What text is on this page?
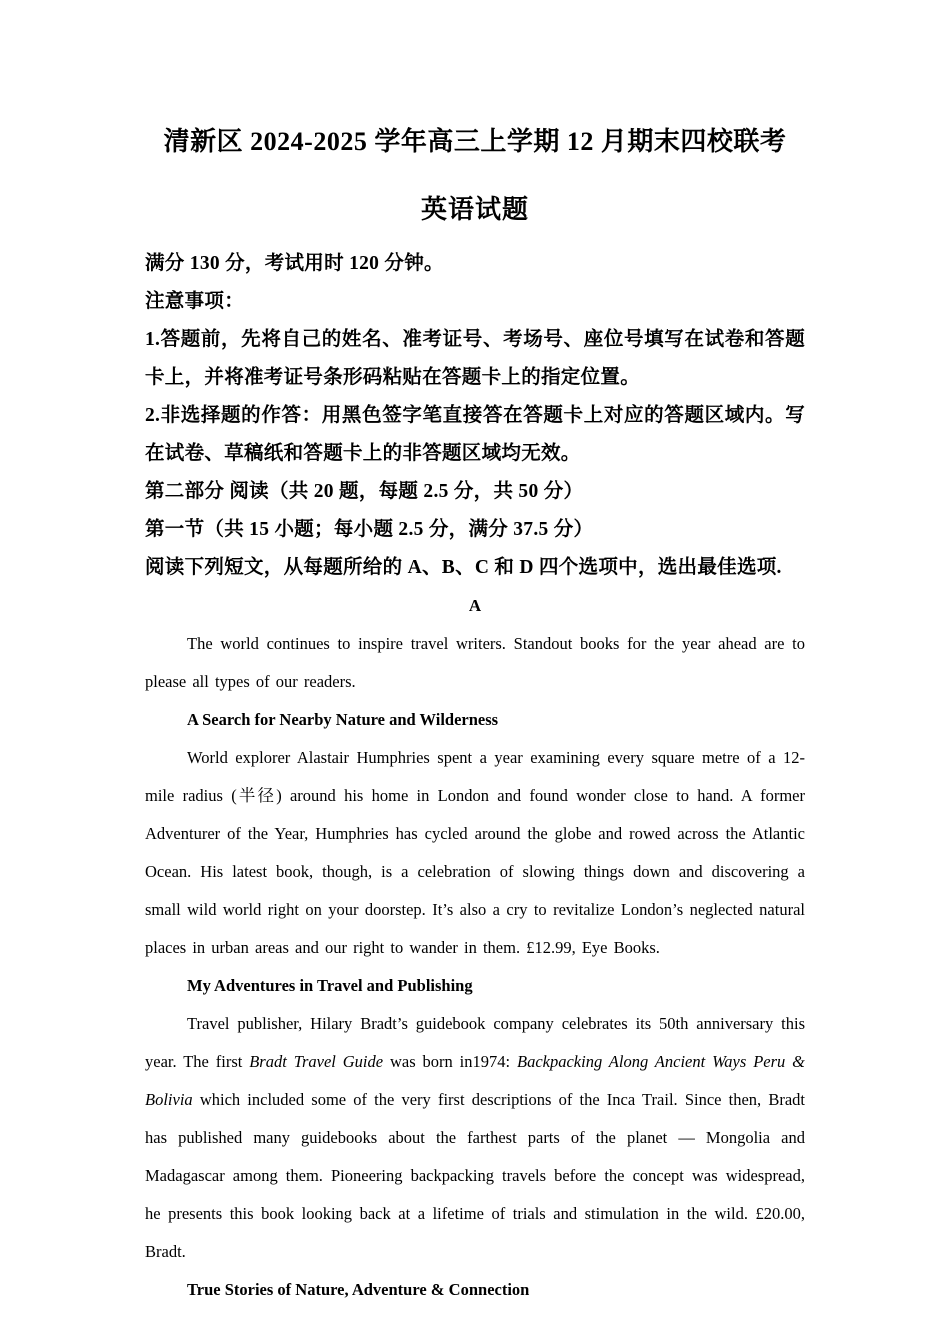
清新区 2024-2025 学年高三上学期 12 月期末四校联考
英语试题

满分 130 分，考试用时 120 分钟。

注意事项：

1.答题前，先将自己的姓名、准考证号、考场号、座位号填写在试卷和答题卡上，并将准考证号条形码粘贴在答题卡上的指定位置。

2.非选择题的作答：用黑色签字笔直接答在答题卡上对应的答题区域内。写在试卷、草稿纸和答题卡上的非答题区域均无效。

第二部分 阅读（共 20 题，每题 2.5 分，共 50 分）

第一节（共 15 小题；每小题 2.5 分，满分 37.5 分）

阅读下列短文，从每题所给的 A、B、C 和 D 四个选项中，选出最佳选项.

A

The world continues to inspire travel writers. Standout books for the year ahead are to please all types of our readers.

A Search for Nearby Nature and Wilderness

World explorer Alastair Humphries spent a year examining every square metre of a 12-mile radius (半径) around his home in London and found wonder close to hand. A former Adventurer of the Year, Humphries has cycled around the globe and rowed across the Atlantic Ocean. His latest book, though, is a celebration of slowing things down and discovering a small wild world right on your doorstep. It’s also a cry to revitalize London’s neglected natural places in urban areas and our right to wander in them. £12.99, Eye Books.

My Adventures in Travel and Publishing

Travel publisher, Hilary Bradt’s guidebook company celebrates its 50th anniversary this year. The first Bradt Travel Guide was born in1974: Backpacking Along Ancient Ways Peru & Bolivia which included some of the very first descriptions of the Inca Trail. Since then, Bradt has published many guidebooks about the farthest parts of the planet — Mongolia and Madagascar among them. Pioneering backpacking travels before the concept was widespread, he presents this book looking back at a lifetime of trials and stimulation in the wild. £20.00, Bradt.

True Stories of Nature, Adventure & Connection
